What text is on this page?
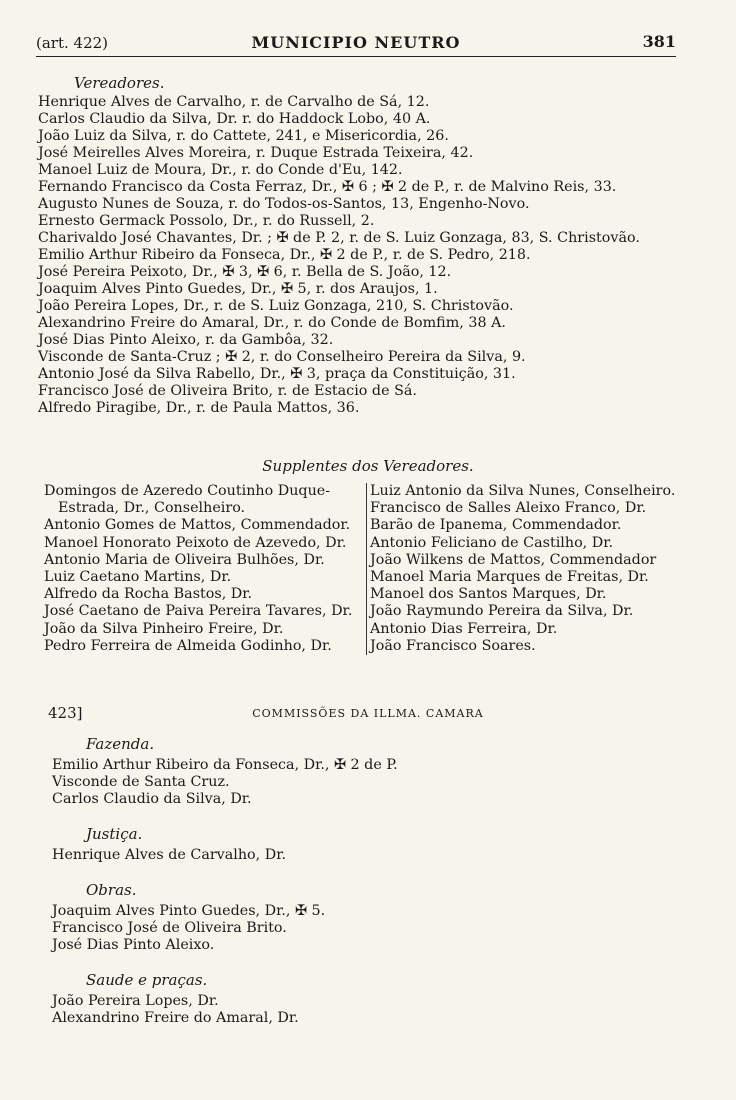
(art. 422)	MUNICIPIO NEUTRO	381
Vereadores.
Henrique Alves de Carvalho, r. de Carvalho de Sá, 12.
Carlos Claudio da Silva, Dr. r. do Haddock Lobo, 40 A.
João Luiz da Silva, r. do Cattete, 241, e Misericordia, 26.
José Meirelles Alves Moreira, r. Duque Estrada Teixeira, 42.
Manoel Luiz de Moura, Dr., r. do Conde d'Eu, 142.
Fernando Francisco da Costa Ferraz, Dr., ✠ 6 ; ✠ 2 de P., r. de Malvino Reis, 33.
Augusto Nunes de Souza, r. do Todos-os-Santos, 13, Engenho-Novo.
Ernesto Germack Possolo, Dr., r. do Russell, 2.
Charivaldo José Chavantes, Dr. ; ✠ de P. 2, r. de S. Luiz Gonzaga, 83, S. Christovão.
Emilio Arthur Ribeiro da Fonseca, Dr., ✠ 2 de P., r. de S. Pedro, 218.
José Pereira Peixoto, Dr., ✠ 3, ✠ 6, r. Bella de S. João, 12.
Joaquim Alves Pinto Guedes, Dr., ✠ 5, r. dos Araujos, 1.
João Pereira Lopes, Dr., r. de S. Luiz Gonzaga, 210, S. Christovão.
Alexandrino Freire do Amaral, Dr., r. do Conde de Bomfim, 38 A.
José Dias Pinto Aleixo, r. da Gambôa, 32.
Visconde de Santa-Cruz ; ✠ 2, r. do Conselheiro Pereira da Silva, 9.
Antonio José da Silva Rabello, Dr., ✠ 3, praça da Constituição, 31.
Francisco José de Oliveira Brito, r. de Estacio de Sá.
Alfredo Piragibe, Dr., r. de Paula Mattos, 36.
Supplentes dos Vereadores.
Domingos de Azeredo Coutinho Duque-
Estrada, Dr., Conselheiro.
Antonio Gomes de Mattos, Commendador.
Manoel Honorato Peixoto de Azevedo, Dr.
Antonio Maria de Oliveira Bulhões, Dr.
Luiz Caetano Martins, Dr.
Alfredo da Rocha Bastos, Dr.
José Caetano de Paiva Pereira Tavares, Dr.
João da Silva Pinheiro Freire, Dr.
Pedro Ferreira de Almeida Godinho, Dr.
Luiz Antonio da Silva Nunes, Conselheiro.
Francisco de Salles Aleixo Franco, Dr.
Barão de Ipanema, Commendador.
Antonio Feliciano de Castilho, Dr.
João Wilkens de Mattos, Commendador
Manoel Maria Marques de Freitas, Dr.
Manoel dos Santos Marques, Dr.
João Raymundo Pereira da Silva, Dr.
Antonio Dias Ferreira, Dr.
João Francisco Soares.
423]	COMMISSÕES DA ILLMA. CAMARA
Fazenda.
Emilio Arthur Ribeiro da Fonseca, Dr., ✠ 2 de P.
Visconde de Santa Cruz.
Carlos Claudio da Silva, Dr.
Justiça.
Henrique Alves de Carvalho, Dr.
Obras.
Joaquim Alves Pinto Guedes, Dr., ✠ 5.
Francisco José de Oliveira Brito.
José Dias Pinto Aleixo.
Saude e praças.
João Pereira Lopes, Dr.
Alexandrino Freire do Amaral, Dr.
